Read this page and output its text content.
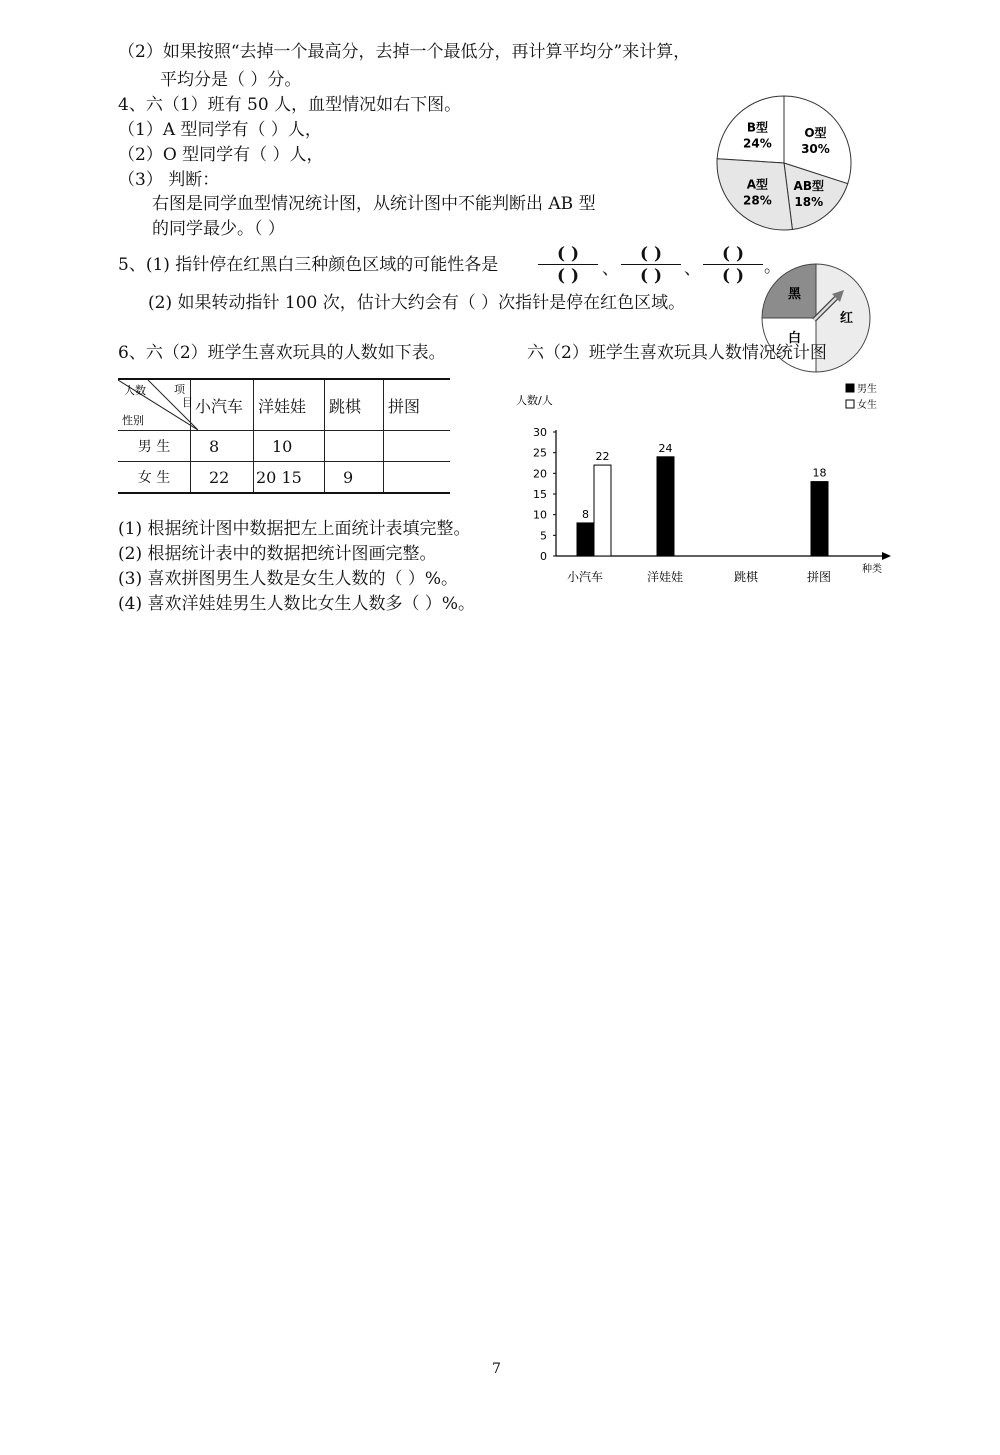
（2）如果按照“去掉一个最高分，去掉一个最低分，再计算平均分”来计算，
平均分是（ ）分。
4、六（1）班有 50 人，血型情况如右下图。
（1）A 型同学有（ ）人，
（2）O 型同学有（ ）人，
（3） 判断：
右图是同学血型情况统计图，从统计图中不能判断出 AB 型
的同学最少。（ ）
B型
24%
O型
30%
AB型
18%
A型
28%
5、(1) 指针停在红黑白三种颜色区域的可能性各是
( )
( )	、
( )
( )	、
( )
( )	。
(2) 如果转动指针 100 次，估计大约会有（ ）次指针是停在红色区域。	黑
红
白
6、六（2）班学生喜欢玩具的人数如下表。	六（2）班学生喜欢玩具人数情况统计图
人数 项
目
性别	小汽车	洋娃娃	跳棋	拼图
男 生	8	10		
女 生	22	20 15	9	
(1) 根据统计图中数据把左上面统计表填完整。
(2) 根据统计表中的数据把统计图画完整。
(3) 喜欢拼图男生人数是女生人数的（ ）%。
(4) 喜欢洋娃娃男生人数比女生人数多（ ）%。
0
5
10
15
20
25
30
人数/人
种类
小汽车
8
22
洋娃娃
24
跳棋	拼图
18
男生
女生
7
